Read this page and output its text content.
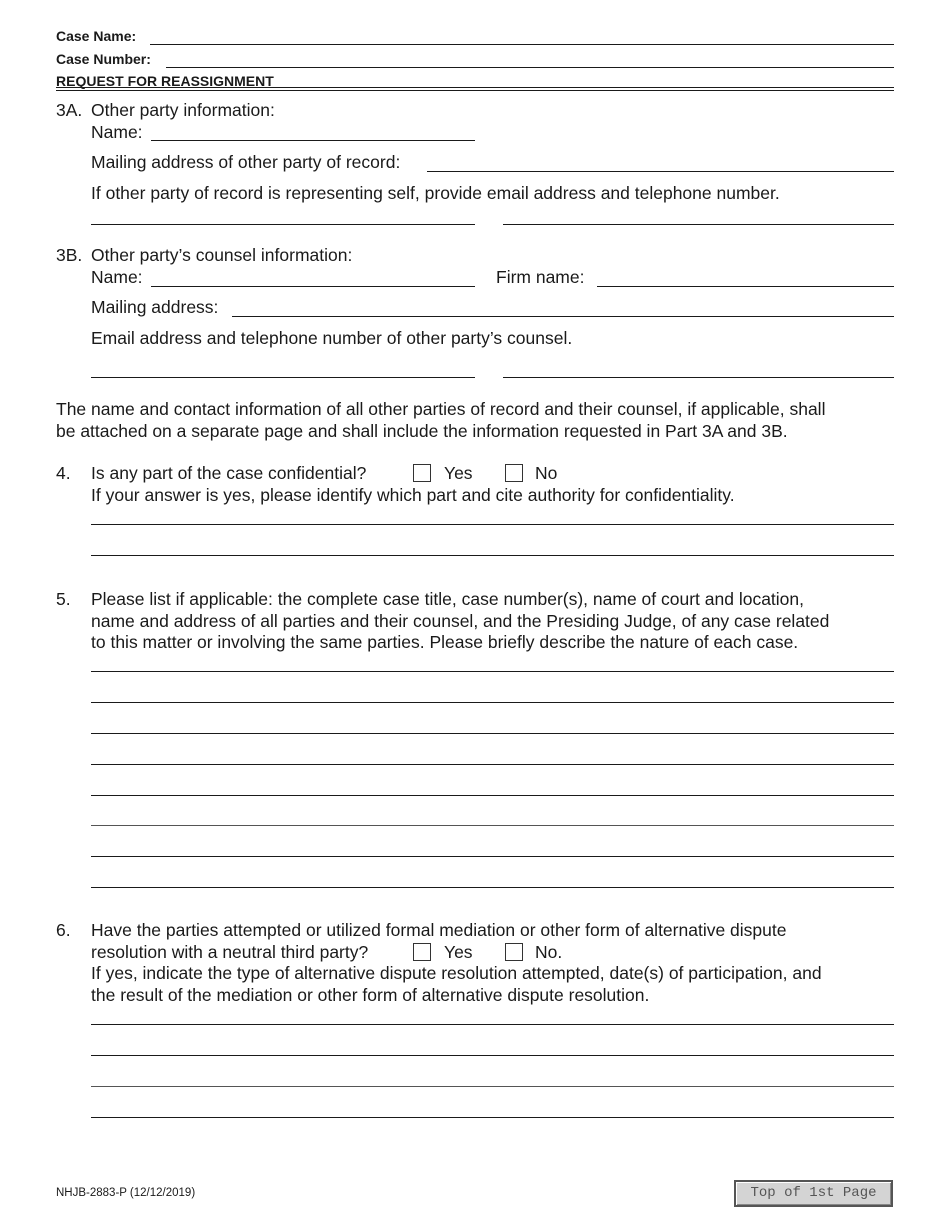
Case Name:
Case Number:
REQUEST FOR REASSIGNMENT
3A. Other party information:
Name:
Mailing address of other party of record:
If other party of record is representing self, provide email address and telephone number.
3B. Other party’s counsel information:
Name:	Firm name:
Mailing address:
Email address and telephone number of other party’s counsel.
The name and contact information of all other parties of record and their counsel, if applicable, shall
be attached on a separate page and shall include the information requested in Part 3A and 3B.
4. Is any part of the case confidential?	Yes	No
If your answer is yes, please identify which part and cite authority for confidentiality.
5. Please list if applicable: the complete case title, case number(s), name of court and location,
name and address of all parties and their counsel, and the Presiding Judge, of any case related
to this matter or involving the same parties. Please briefly describe the nature of each case.
6. Have the parties attempted or utilized formal mediation or other form of alternative dispute
resolution with a neutral third party?	Yes	No.
If yes, indicate the type of alternative dispute resolution attempted, date(s) of participation, and
the result of the mediation or other form of alternative dispute resolution.
NHJB-2883-P (12/12/2019)	Top of 1st Page
